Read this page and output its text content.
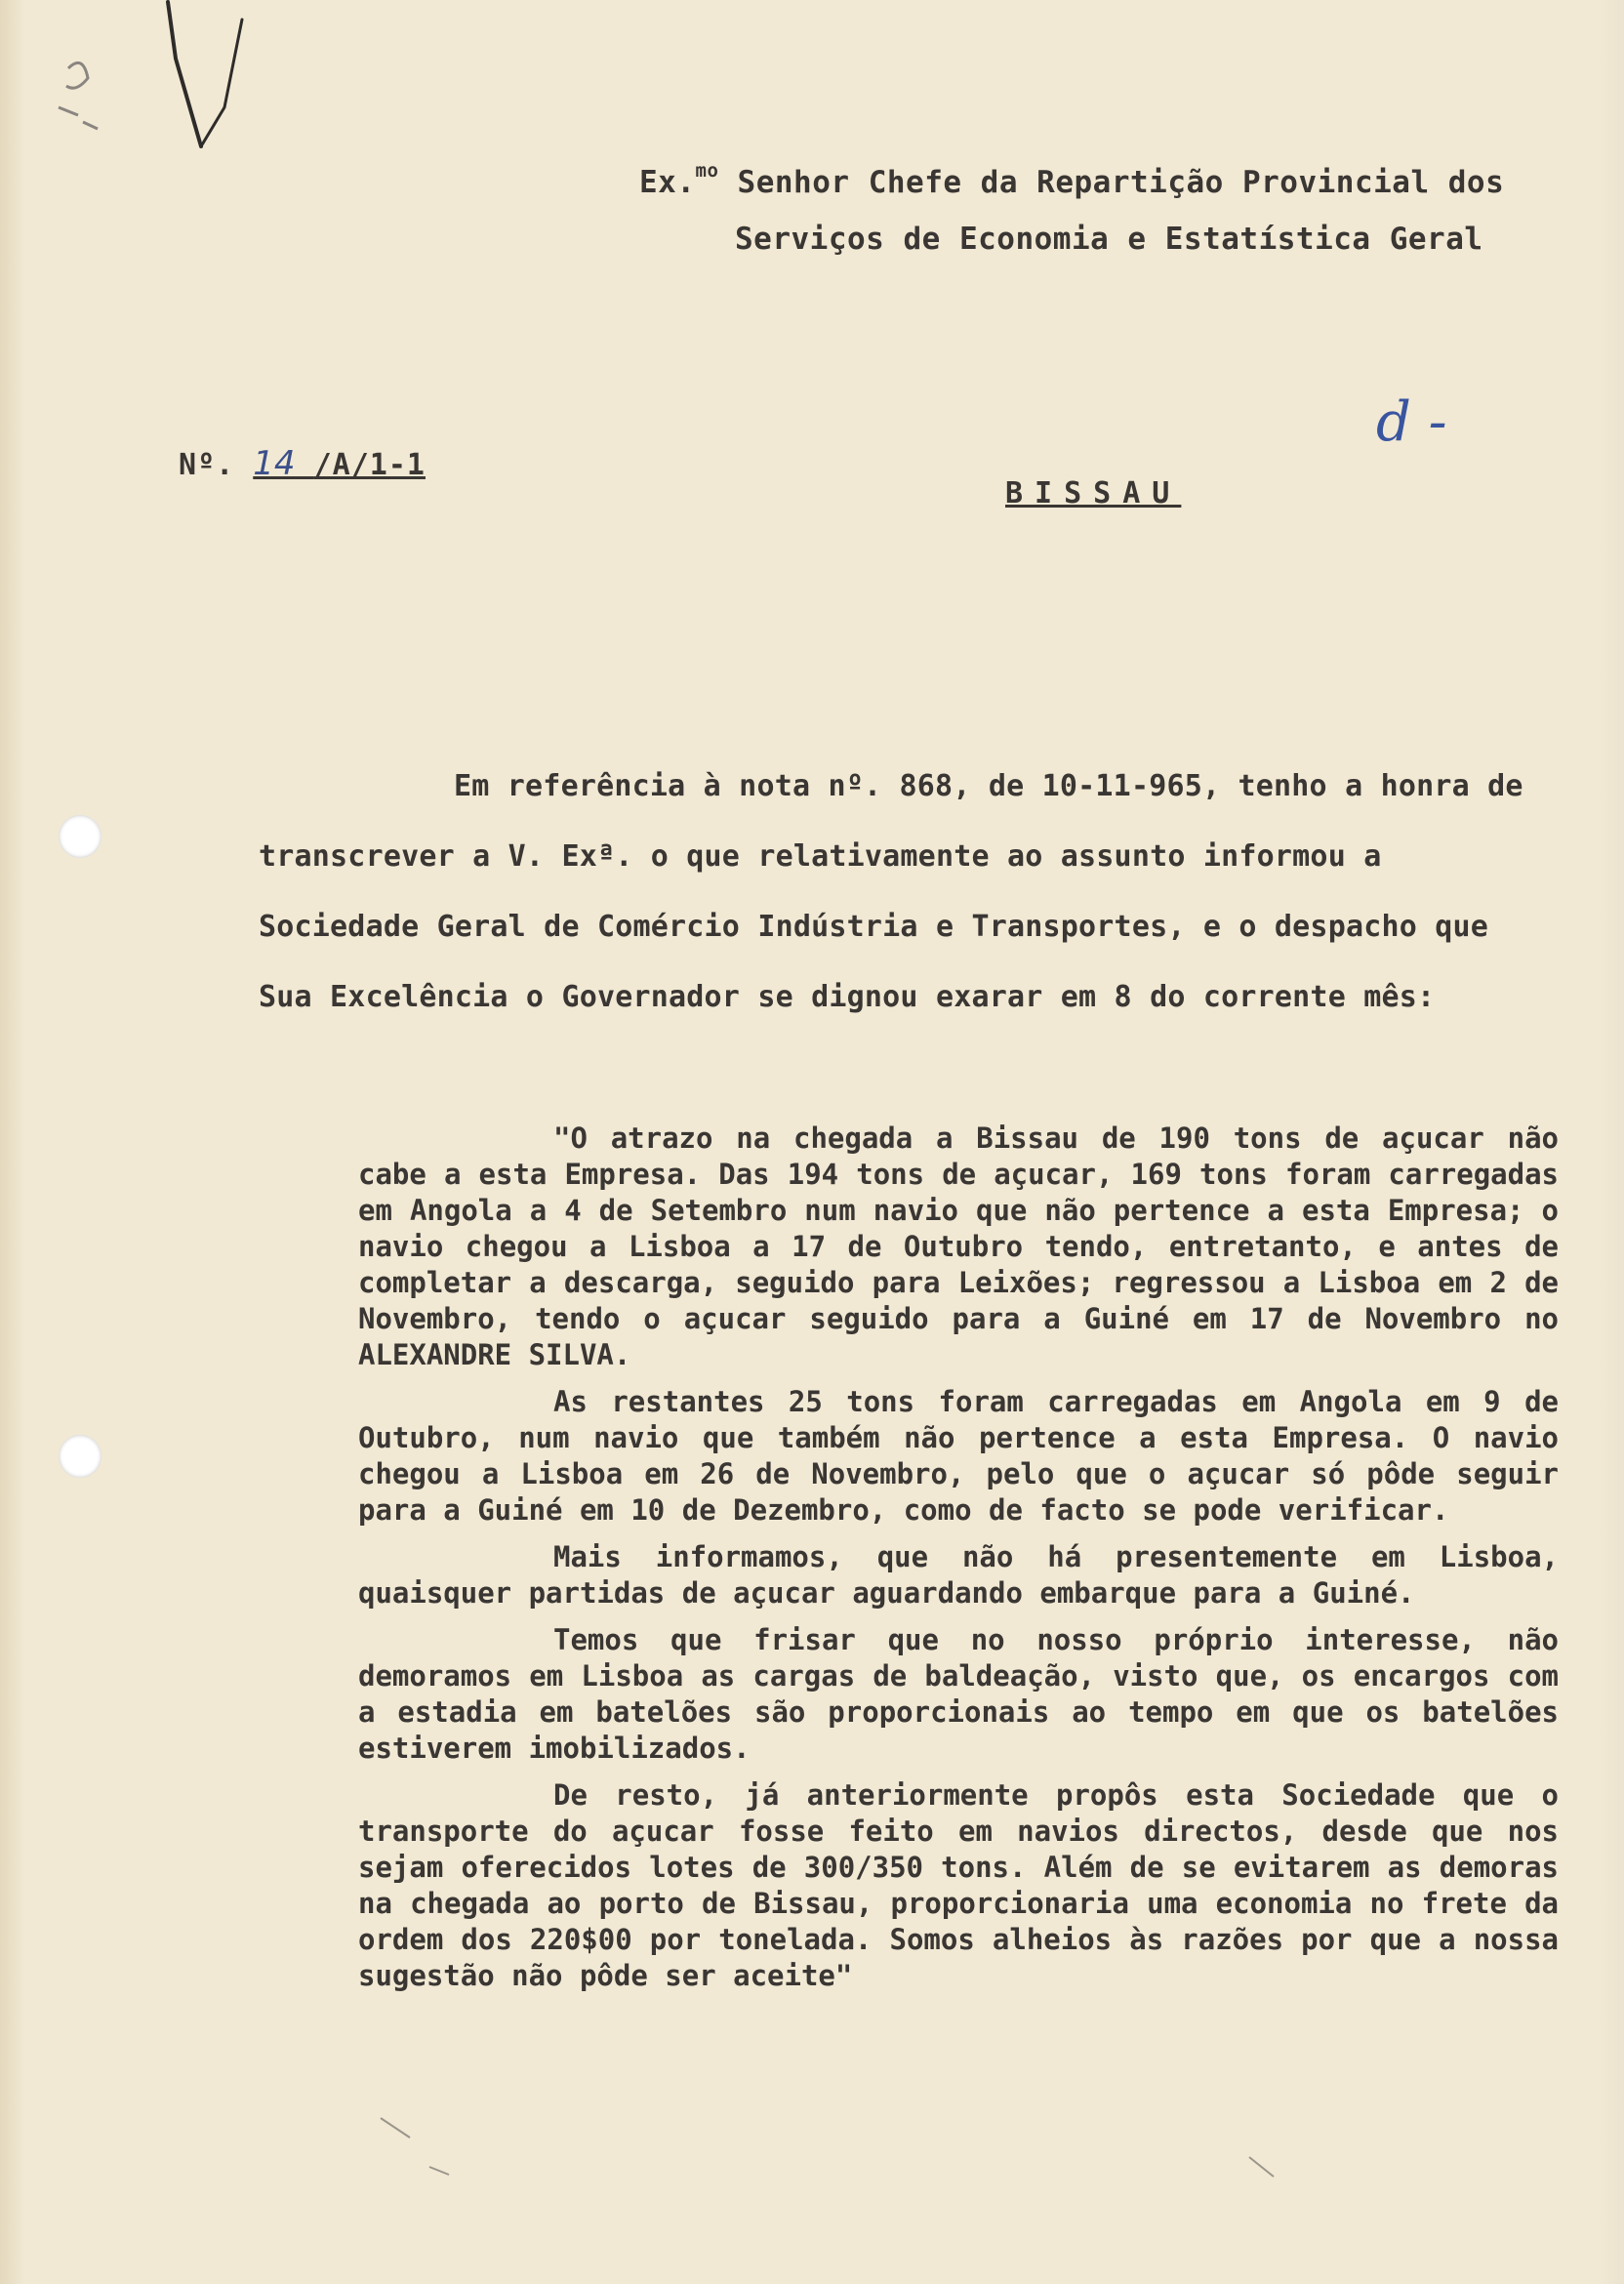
Ex.$^{mo}$ Senhor Chefe da Repartição Provincial dos
Serviços de Economia e Estatística Geral
d -
Nº. 14 /A/1-1
BISSAU

Em referência à nota nº. 868, de 10-11-965, tenho a honra de transcrever a V. Exª. o que relativamente ao assunto informou a Sociedade Geral de Comércio Indústria e Transportes, e o despacho que Sua Excelência o Governador se dignou exarar em 8 do corrente mês:

"O atrazo na chegada a Bissau de 190 tons de açucar não cabe a esta Empresa. Das 194 tons de açucar, 169 tons foram carregadas em Angola a 4 de Setembro num navio que não pertence a esta Empresa; o navio chegou a Lisboa a 17 de Outubro tendo, entretanto, e antes de completar a descarga, seguido para Leixões; regressou a Lisboa em 2 de Novembro, tendo o açucar seguido para a Guiné em 17 de Novembro no ALEXANDRE SILVA.

As restantes 25 tons foram carregadas em Angola em 9 de Outubro, num navio que também não pertence a esta Empresa. O navio chegou a Lisboa em 26 de Novembro, pelo que o açucar só pôde seguir para a Guiné em 10 de Dezembro, como de facto se pode verificar.

Mais informamos, que não há presentemente em Lisboa, quaisquer partidas de açucar aguardando embarque para a Guiné.

Temos que frisar que no nosso próprio interesse, não demoramos em Lisboa as cargas de baldeação, visto que, os encargos com a estadia em batelões são proporcionais ao tempo em que os batelões estiverem imobilizados.

De resto, já anteriormente propôs esta Sociedade que o transporte do açucar fosse feito em navios directos, desde que nos sejam oferecidos lotes de 300/350 tons. Além de se evitarem as demoras na chegada ao porto de Bissau, proporcionaria uma economia no frete da ordem dos 220$00 por tonelada. Somos alheios às razões por que a nossa sugestão não pôde ser aceite"
